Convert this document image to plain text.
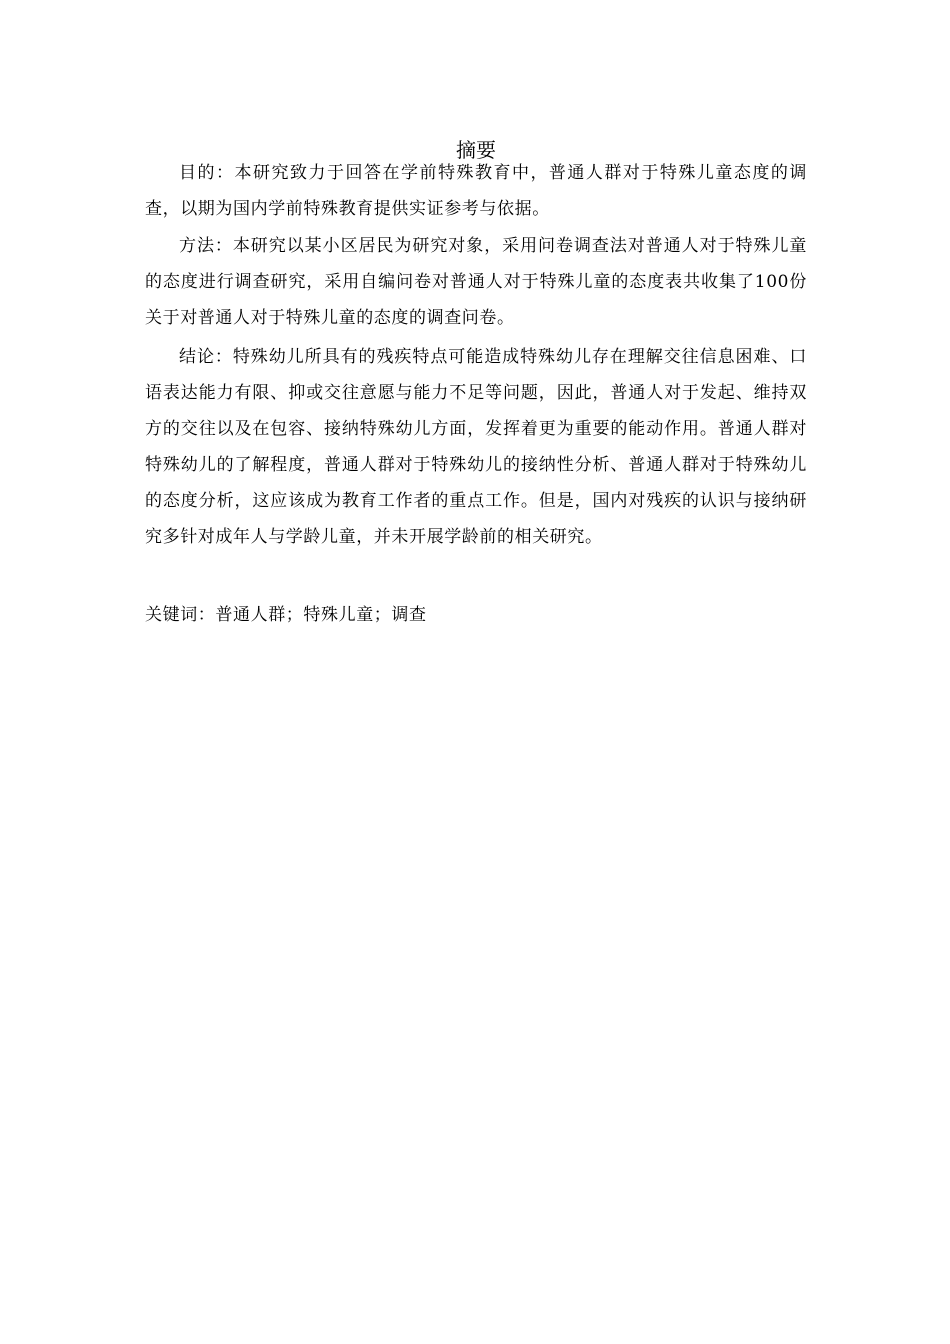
摘要

目的：本研究致力于回答在学前特殊教育中，普通人群对于特殊儿童态度的调查，以期为国内学前特殊教育提供实证参考与依据。

方法：本研究以某小区居民为研究对象，采用问卷调查法对普通人对于特殊儿童的态度进行调查研究，采用自编问卷对普通人对于特殊儿童的态度表共收集了100份关于对普通人对于特殊儿童的态度的调查问卷。

结论：特殊幼儿所具有的残疾特点可能造成特殊幼儿存在理解交往信息困难、口语表达能力有限、抑或交往意愿与能力不足等问题，因此，普通人对于发起、维持双方的交往以及在包容、接纳特殊幼儿方面，发挥着更为重要的能动作用。普通人群对特殊幼儿的了解程度，普通人群对于特殊幼儿的接纳性分析、普通人群对于特殊幼儿的态度分析，这应该成为教育工作者的重点工作。但是，国内对残疾的认识与接纳研究多针对成年人与学龄儿童，并未开展学龄前的相关研究。

关键词：普通人群；特殊儿童；调查
